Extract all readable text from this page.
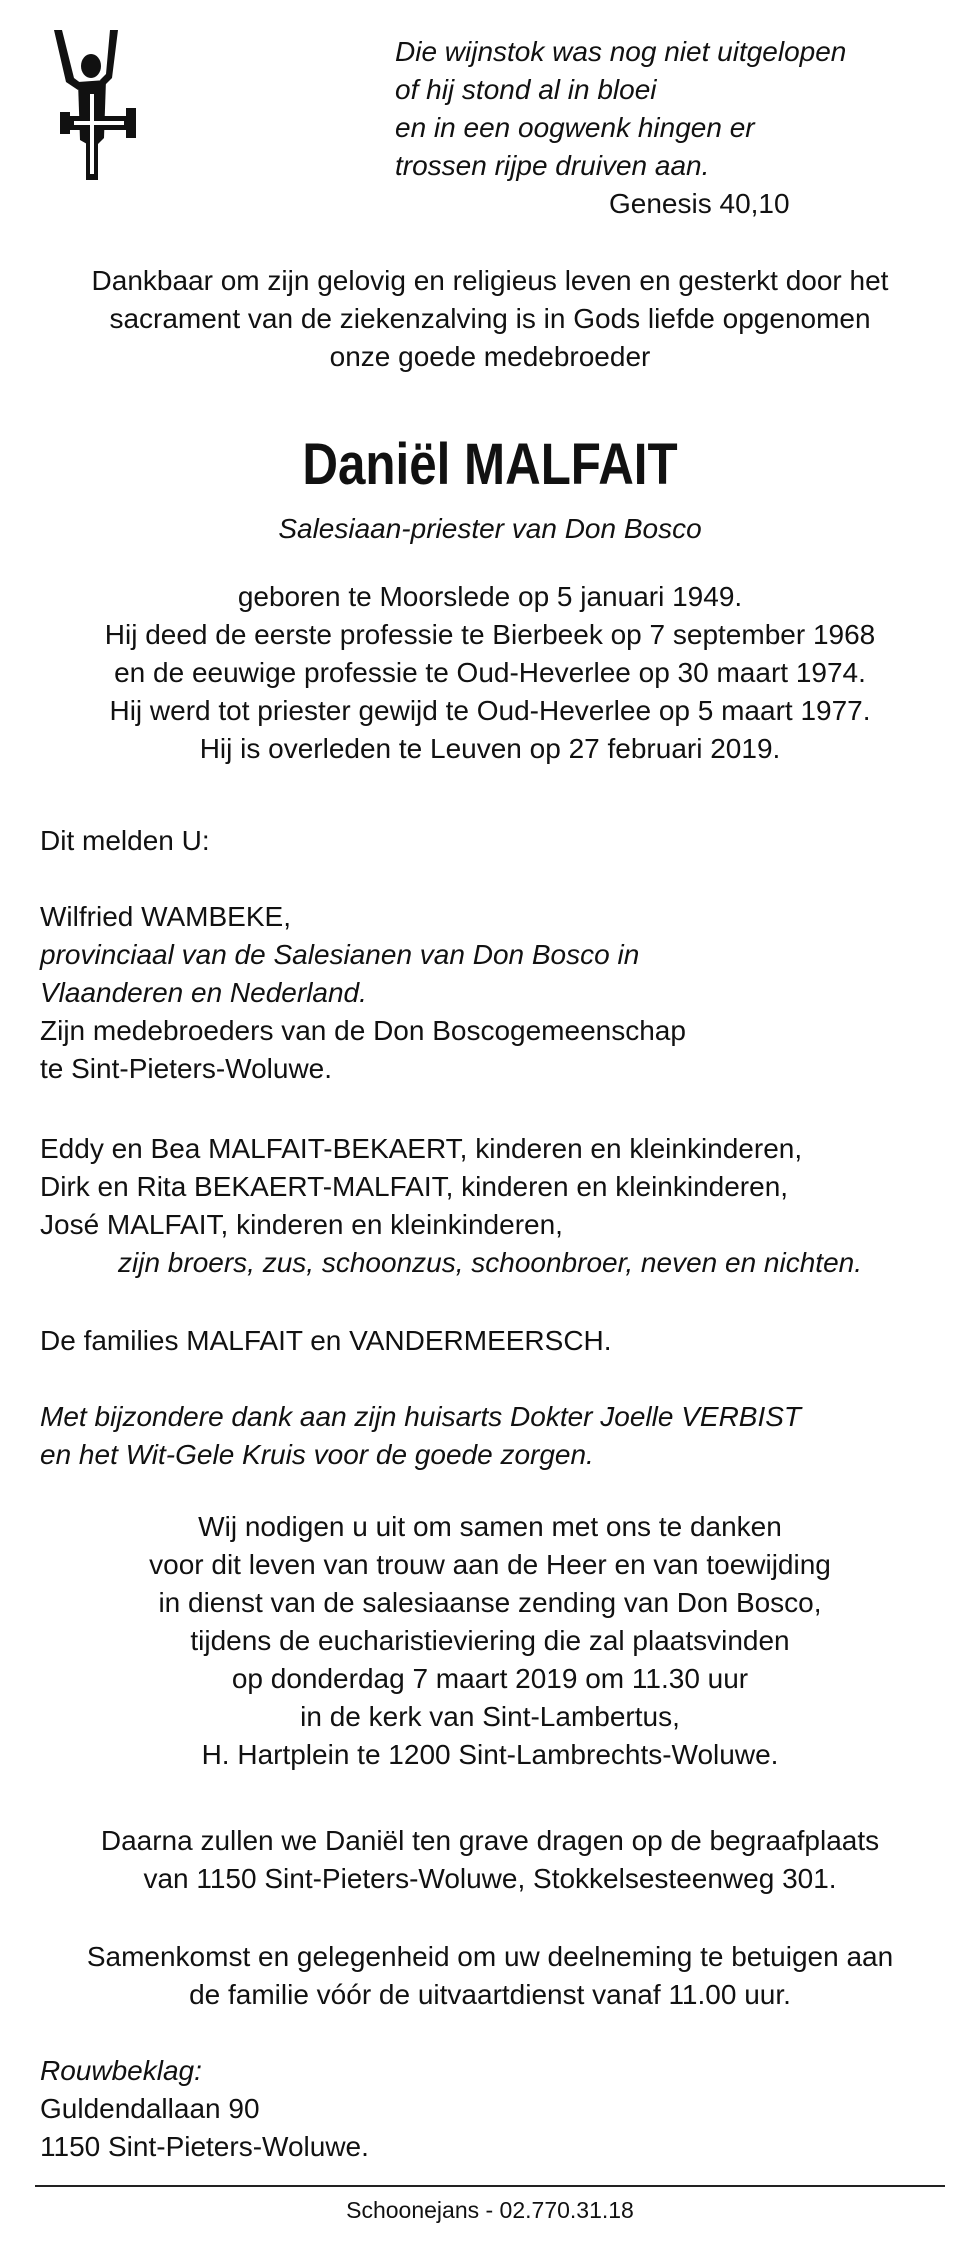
Die wijnstok was nog niet uitgelopen
of hij stond al in bloei
en in een oogwenk hingen er
trossen rijpe druiven aan.
Genesis 40,10
Dankbaar om zijn gelovig en religieus leven en gesterkt door het
sacrament van de ziekenzalving is in Gods liefde opgenomen
onze goede medebroeder
Daniël MALFAIT
Salesiaan-priester van Don Bosco
geboren te Moorslede op 5 januari 1949.
Hij deed de eerste professie te Bierbeek op 7 september 1968
en de eeuwige professie te Oud-Heverlee op 30 maart 1974.
Hij werd tot priester gewijd te Oud-Heverlee op 5 maart 1977.
Hij is overleden te Leuven op 27 februari 2019.
Dit melden U:
Wilfried WAMBEKE,
provinciaal van de Salesianen van Don Bosco in
Vlaanderen en Nederland.
Zijn medebroeders van de Don Boscogemeenschap
te Sint-Pieters-Woluwe.
Eddy en Bea MALFAIT-BEKAERT, kinderen en kleinkinderen,
Dirk en Rita BEKAERT-MALFAIT, kinderen en kleinkinderen,
José MALFAIT, kinderen en kleinkinderen,
zijn broers, zus, schoonzus, schoonbroer, neven en nichten.
De families MALFAIT en VANDERMEERSCH.
Met bijzondere dank aan zijn huisarts Dokter Joelle VERBIST
en het Wit-Gele Kruis voor de goede zorgen.
Wij nodigen u uit om samen met ons te danken
voor dit leven van trouw aan de Heer en van toewijding
in dienst van de salesiaanse zending van Don Bosco,
tijdens de eucharistieviering die zal plaatsvinden
op donderdag 7 maart 2019 om 11.30 uur
in de kerk van Sint-Lambertus,
H. Hartplein te 1200 Sint-Lambrechts-Woluwe.
Daarna zullen we Daniël ten grave dragen op de begraafplaats
van 1150 Sint-Pieters-Woluwe, Stokkelsesteenweg 301.
Samenkomst en gelegenheid om uw deelneming te betuigen aan
de familie vóór de uitvaartdienst vanaf 11.00 uur.
Rouwbeklag:
Guldendallaan 90
1150 Sint-Pieters-Woluwe.
Schoonejans - 02.770.31.18
